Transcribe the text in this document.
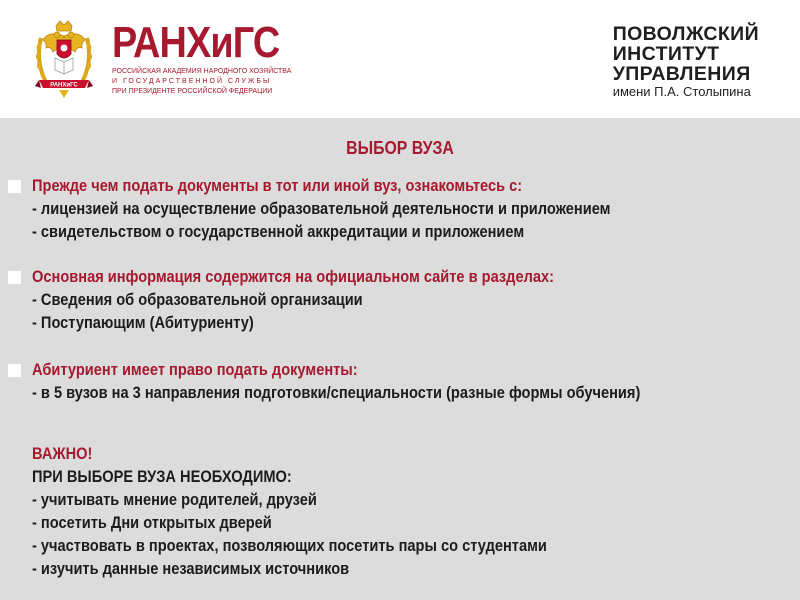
РАНХиГС
РАНХиГС
РОССИЙСКАЯ АКАДЕМИЯ НАРОДНОГО ХОЗЯЙСТВА
И ГОСУДАРСТВЕННОЙ СЛУЖБЫ
ПРИ ПРЕЗИДЕНТЕ РОССИЙСКОЙ ФЕДЕРАЦИИ
ПОВОЛЖСКИЙ
ИНСТИТУТ
УПРАВЛЕНИЯ
имени П.А. Столыпина
ВЫБОР ВУЗА
Прежде чем подать документы в тот или иной вуз, ознакомьтесь с:
- лицензией на осуществление образовательной деятельности и приложением
- свидетельством о государственной аккредитации и приложением
Основная информация содержится на официальном сайте в разделах:
- Сведения об образовательной организации
- Поступающим (Абитуриенту)
Абитуриент имеет право подать документы:
- в 5 вузов на 3 направления подготовки/специальности (разные формы обучения)
ВАЖНО!
ПРИ ВЫБОРЕ ВУЗА НЕОБХОДИМО:
- учитывать мнение родителей, друзей
- посетить Дни открытых дверей
- участвовать в проектах, позволяющих посетить пары со студентами
- изучить данные независимых источников
